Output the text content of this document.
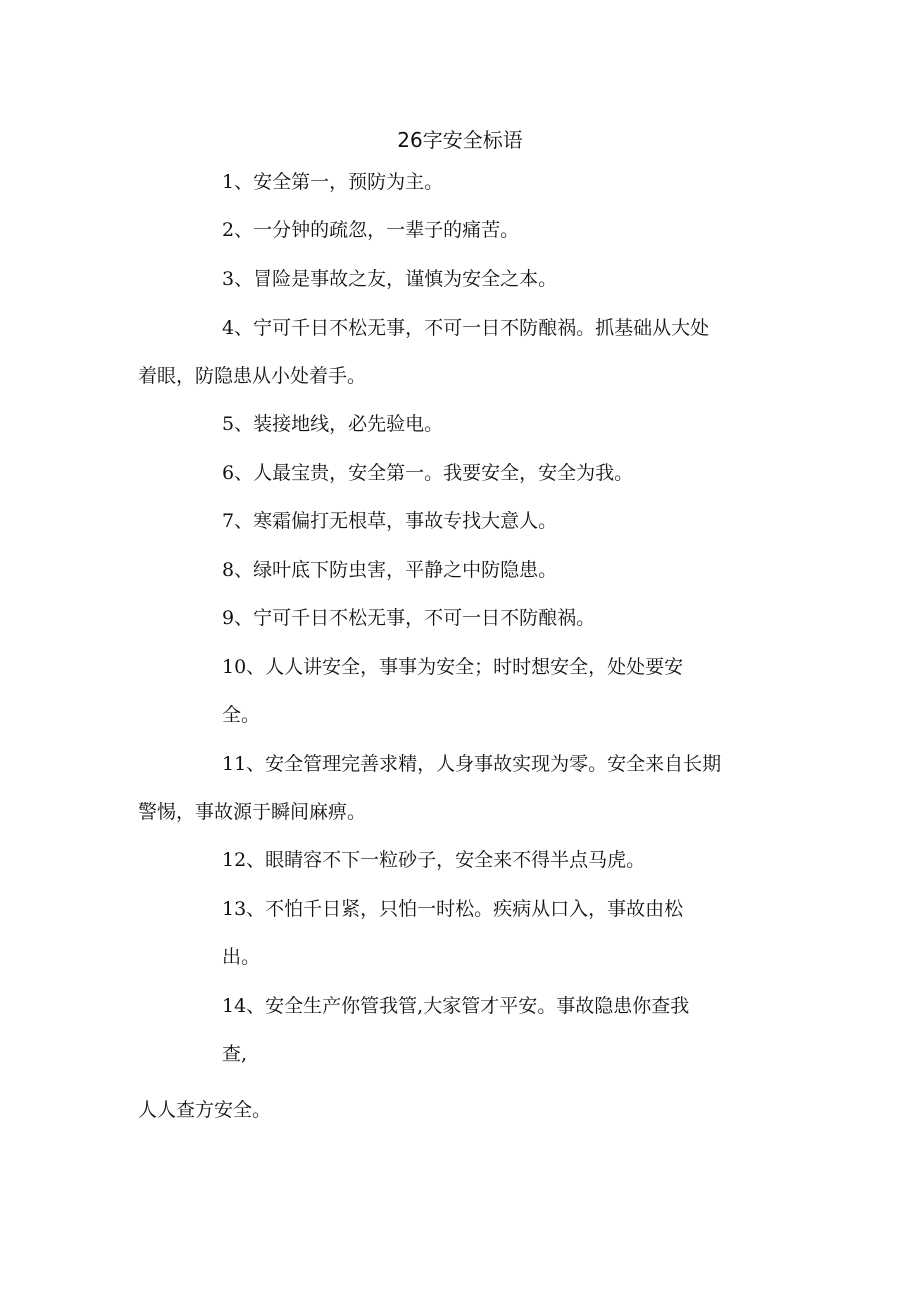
26字安全标语
1、安全第一，预防为主。
2、一分钟的疏忽，一辈子的痛苦。
3、冒险是事故之友，谨慎为安全之本。
4、宁可千日不松无事，不可一日不防酿祸。抓基础从大处
着眼，防隐患从小处着手。
5、装接地线，必先验电。
6、人最宝贵，安全第一。我要安全，安全为我。
7、寒霜偏打无根草，事故专找大意人。
8、绿叶底下防虫害，平静之中防隐患。
9、宁可千日不松无事，不可一日不防酿祸。
10、人人讲安全，事事为安全；时时想安全，处处要安
全。
11、安全管理完善求精，人身事故实现为零。安全来自长期
警惕，事故源于瞬间麻痹。
12、眼睛容不下一粒砂子，安全来不得半点马虎。
13、不怕千日紧，只怕一时松。疾病从口入，事故由松
出。
14、安全生产你管我管,大家管才平安。事故隐患你查我
查,
人人查方安全。
